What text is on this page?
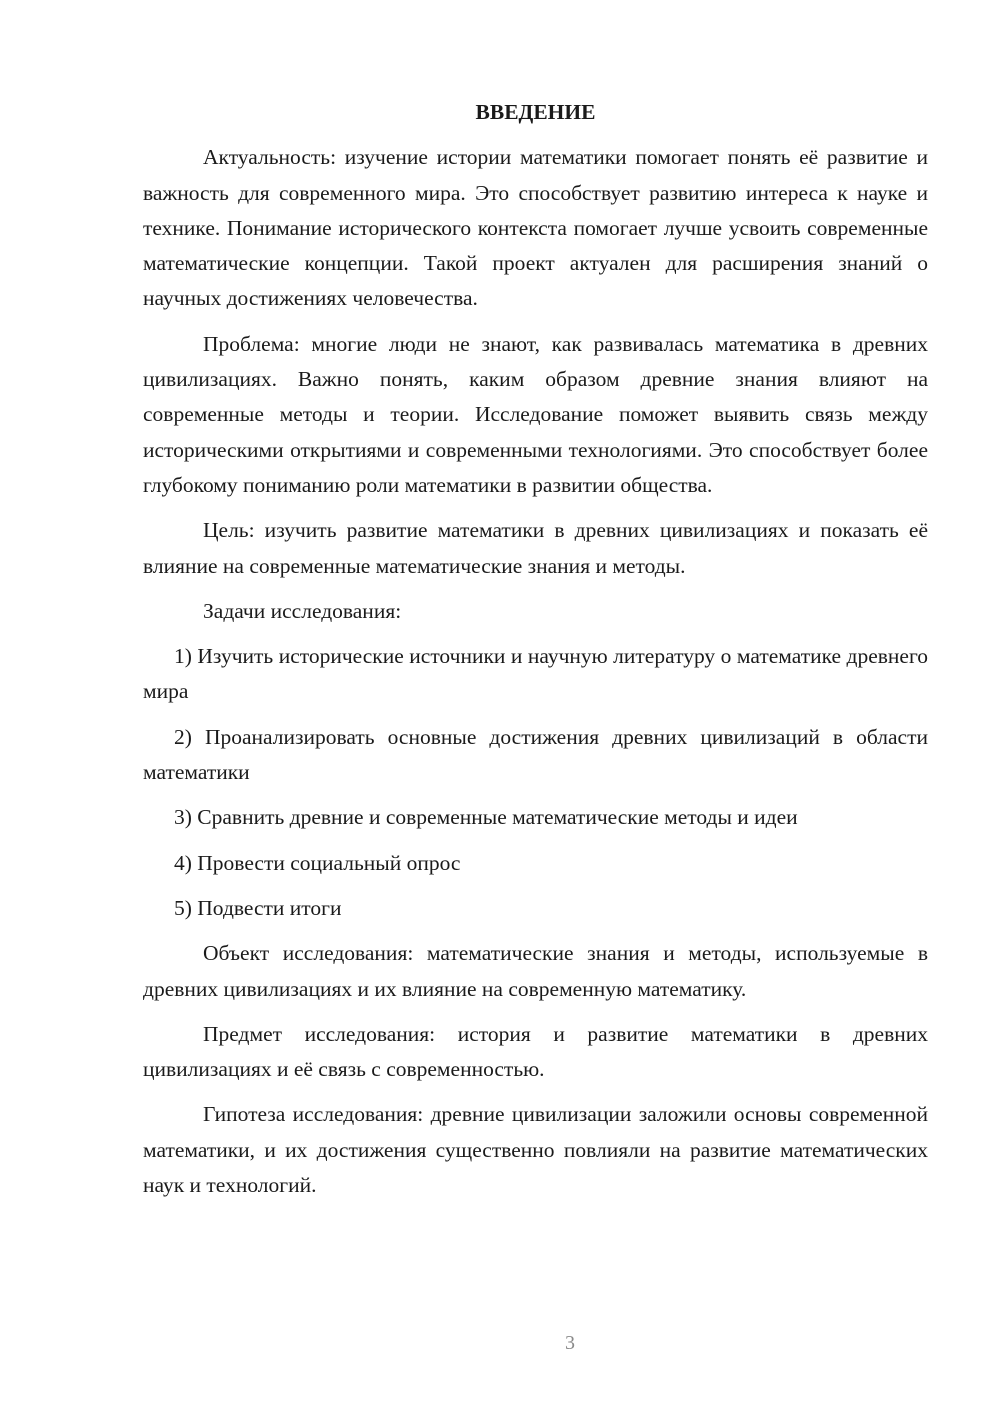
ВВЕДЕНИЕ

Актуальность: изучение истории математики помогает понять её развитие и важность для современного мира. Это способствует развитию интереса к науке и технике. Понимание исторического контекста помогает лучше усвоить современные математические концепции. Такой проект актуален для расширения знаний о научных достижениях человечества.

Проблема: многие люди не знают, как развивалась математика в древних цивилизациях. Важно понять, каким образом древние знания влияют на современные методы и теории. Исследование поможет выявить связь между историческими открытиями и современными технологиями. Это способствует более глубокому пониманию роли математики в развитии общества.

Цель: изучить развитие математики в древних цивилизациях и показать её влияние на современные математические знания и методы.

Задачи исследования:

1) Изучить исторические источники и научную литературу о математике древнего мира

2) Проанализировать основные достижения древних цивилизаций в области математики

3) Сравнить древние и современные математические методы и идеи

4) Провести социальный опрос

5) Подвести итоги

Объект исследования: математические знания и методы, используемые в древних цивилизациях и их влияние на современную математику.

Предмет исследования: история и развитие математики в древних цивилизациях и её связь с современностью.

Гипотеза исследования: древние цивилизации заложили основы современной математики, и их достижения существенно повлияли на развитие математических наук и технологий.

3
